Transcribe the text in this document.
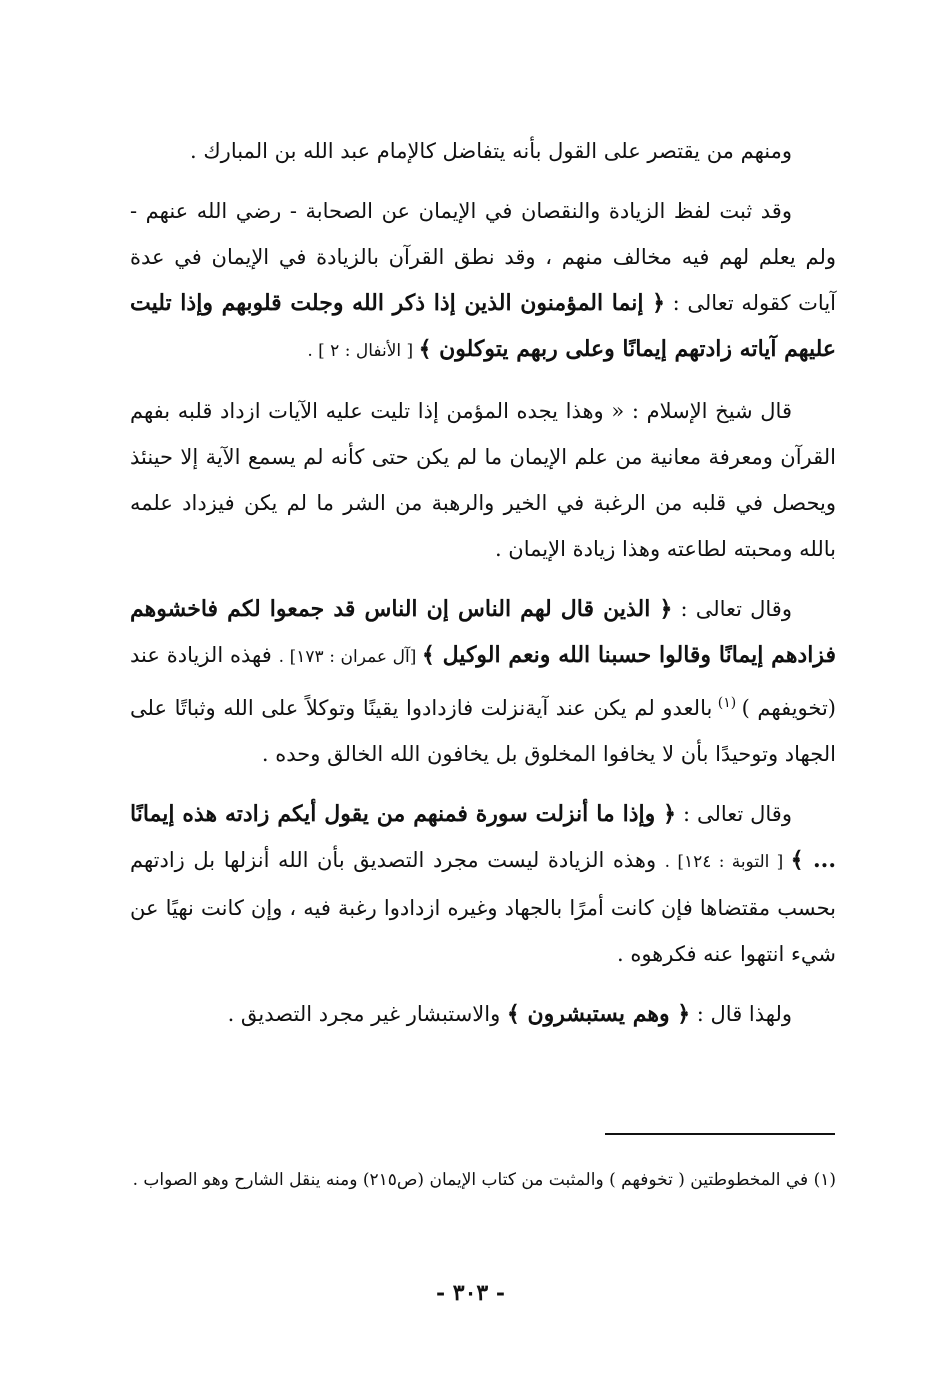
ومنهم من يقتصر على القول بأنه يتفاضل كالإمام عبد الله بن المبارك .

وقد ثبت لفظ الزيادة والنقصان في الإيمان عن الصحابة - رضي الله عنهم - ولم يعلم لهم فيه مخالف منهم ، وقد نطق القرآن بالزيادة في الإيمان في عدة آيات كقوله تعالى : ﴿ إنما المؤمنون الذين إذا ذكر الله وجلت قلوبهم وإذا تليت عليهم آياته زادتهم إيمانًا وعلى ربهم يتوكلون ﴾ [ الأنفال : ٢ ] .

قال شيخ الإسلام : « وهذا يجده المؤمن إذا تليت عليه الآيات ازداد قلبه بفهم القرآن ومعرفة معانية من علم الإيمان ما لم يكن حتى كأنه لم يسمع الآية إلا حينئذ ويحصل في قلبه من الرغبة في الخير والرهبة من الشر ما لم يكن فيزداد علمه بالله ومحبته لطاعته وهذا زيادة الإيمان .

وقال تعالى : ﴿ الذين قال لهم الناس إن الناس قد جمعوا لكم فاخشوهم فزادهم إيمانًا وقالوا حسبنا الله ونعم الوكيل ﴾ [آل عمران : ١٧٣] . فهذه الزيادة عند (تخويفهم ) $^{(١)}$ بالعدو لم يكن عند آيةنزلت فازدادوا يقينًا وتوكلاً على الله وثباتًا على الجهاد وتوحيدًا بأن لا يخافوا المخلوق بل يخافون الله الخالق وحده .

وقال تعالى : ﴿ وإذا ما أنزلت سورة فمنهم من يقول أيكم زادته هذه إيمانًا ... ﴾ [ التوبة : ١٢٤] . وهذه الزيادة ليست مجرد التصديق بأن الله أنزلها بل زادتهم بحسب مقتضاها فإن كانت أمرًا بالجهاد وغيره ازدادوا رغبة فيه ، وإن كانت نهيًا عن شيء انتهوا عنه فكرهوه .

ولهذا قال : ﴿ وهم يستبشرون ﴾ والاستبشار غير مجرد التصديق .

(١) في المخطوطتين ( تخوفهم ) والمثبت من كتاب الإيمان (ص٢١٥) ومنه ينقل الشارح وهو الصواب .
- ٣٠٣ -
